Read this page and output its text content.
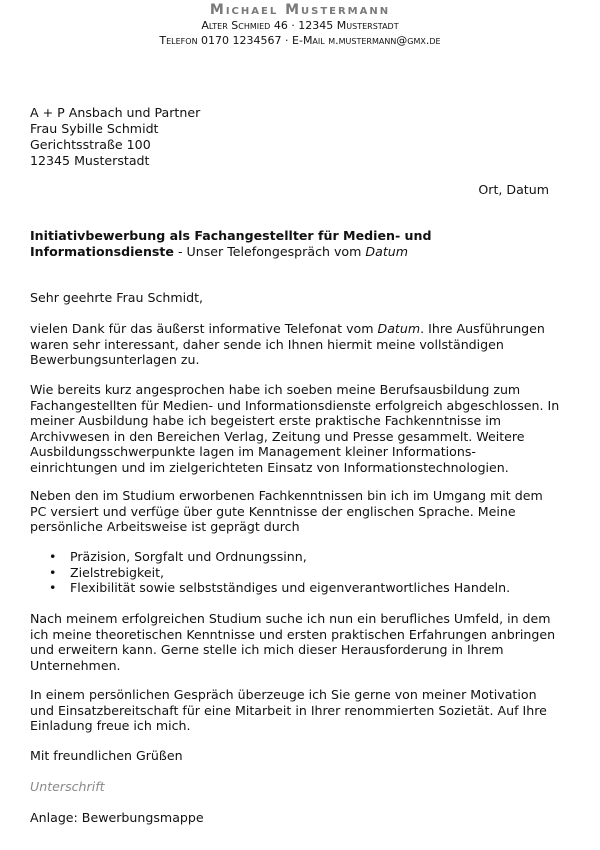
Michael Mustermann
Alter Schmied 46 · 12345 Musterstadt
Telefon 0170 1234567 · E-Mail m.mustermann@gmx.de
A + P Ansbach und Partner
Frau Sybille Schmidt
Gerichtsstraße 100
12345 Musterstadt
Ort, Datum
Initiativbewerbung als Fachangestellter für Medien- und
Informationsdienste - Unser Telefongespräch vom Datum
Sehr geehrte Frau Schmidt,
vielen Dank für das äußerst informative Telefonat vom Datum. Ihre Ausführungen waren sehr interessant, daher sende ich Ihnen hiermit meine vollständigen Bewerbungsunterlagen zu.
Wie bereits kurz angesprochen habe ich soeben meine Berufsausbildung zum Fachangestellten für Medien- und Informationsdienste erfolgreich abgeschlossen. In meiner Ausbildung habe ich begeistert erste praktische Fachkenntnisse im Archivwesen in den Bereichen Verlag, Zeitung und Presse gesammelt. Weitere Ausbildungsschwerpunkte lagen im Management kleiner Informations-einrichtungen und im zielgerichteten Einsatz von Informationstechnologien.
Neben den im Studium erworbenen Fachkenntnissen bin ich im Umgang mit dem PC versiert und verfüge über gute Kenntnisse der englischen Sprache. Meine persönliche Arbeitsweise ist geprägt durch
• Präzision, Sorgfalt und Ordnungssinn,
• Zielstrebigkeit,
• Flexibilität sowie selbstständiges und eigenverantwortliches Handeln.
Nach meinem erfolgreichen Studium suche ich nun ein berufliches Umfeld, in dem ich meine theoretischen Kenntnisse und ersten praktischen Erfahrungen anbringen und erweitern kann. Gerne stelle ich mich dieser Herausforderung in Ihrem Unternehmen.
In einem persönlichen Gespräch überzeuge ich Sie gerne von meiner Motivation und Einsatzbereitschaft für eine Mitarbeit in Ihrer renommierten Sozietät. Auf Ihre Einladung freue ich mich.
Mit freundlichen Grüßen
Unterschrift
Anlage: Bewerbungsmappe
